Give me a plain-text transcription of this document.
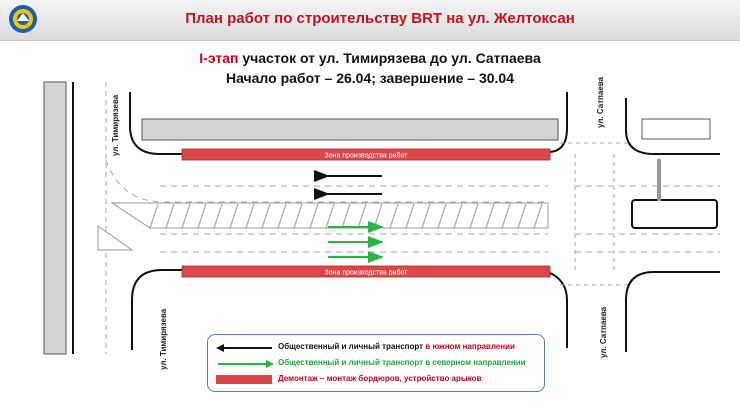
План работ по строительству BRT на ул. Желтоксан
I-этап участок от ул. Тимирязева до ул. Сатпаева
Начало работ – 26.04; завершение – 30.04
Зона производства работ
Зона производства работ
ул. Тимирязева
ул. Тимирязева
ул. Сатпаева
ул. Сатпаева
Общественный и личный транспорт в южном направлении
Общественный и личный транспорт в северном направлении
Демонтаж – монтаж бордюров, устройство арыков
